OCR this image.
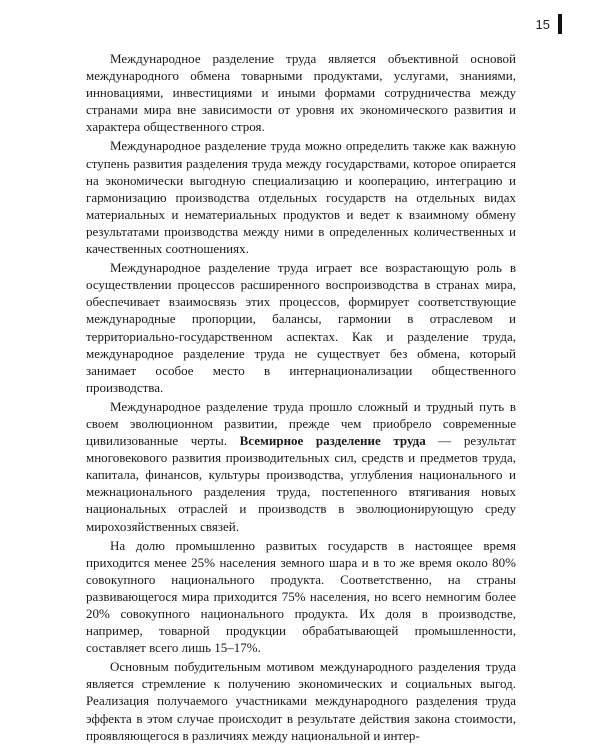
15

Международное разделение труда является объективной основой международного обмена товарными продуктами, услугами, знаниями, инновациями, инвестициями и иными формами сотрудничества между странами мира вне зависимости от уровня их экономического развития и характера общественного строя.

Международное разделение труда можно определить также как важную ступень развития разделения труда между государствами, которое опирается на экономически выгодную специализацию и кооперацию, интеграцию и гармонизацию производства отдельных государств на отдельных видах материальных и нематериальных продуктов и ведет к взаимному обмену результатами производства между ними в определенных количественных и качественных соотношениях.

Международное разделение труда играет все возрастающую роль в осуществлении процессов расширенного воспроизводства в странах мира, обеспечивает взаимосвязь этих процессов, формирует соответствующие международные пропорции, балансы, гармонии в отраслевом и территориально-государственном аспектах. Как и разделение труда, международное разделение труда не существует без обмена, который занимает особое место в интернационализации общественного производства.

Международное разделение труда прошло сложный и трудный путь в своем эволюционном развитии, прежде чем приобрело современные цивилизованные черты. Всемирное разделение труда — результат многовекового развития производительных сил, средств и предметов труда, капитала, финансов, культуры производства, углубления национального и межнационального разделения труда, постепенного втягивания новых национальных отраслей и производств в эволюционирующую среду мирохозяйственных связей.

На долю промышленно развитых государств в настоящее время приходится менее 25% населения земного шара и в то же время около 80% совокупного национального продукта. Соответственно, на страны развивающегося мира приходится 75% населения, но всего немногим более 20% совокупного национального продукта. Их доля в производстве, например, товарной продукции обрабатывающей промышленности, составляет всего лишь 15–17%.

Основным побудительным мотивом международного разделения труда является стремление к получению экономических и социальных выгод. Реализация получаемого участниками международного разделения труда эффекта в этом случае происходит в результате действия закона стоимости, проявляющегося в различиях между национальной и интер-
